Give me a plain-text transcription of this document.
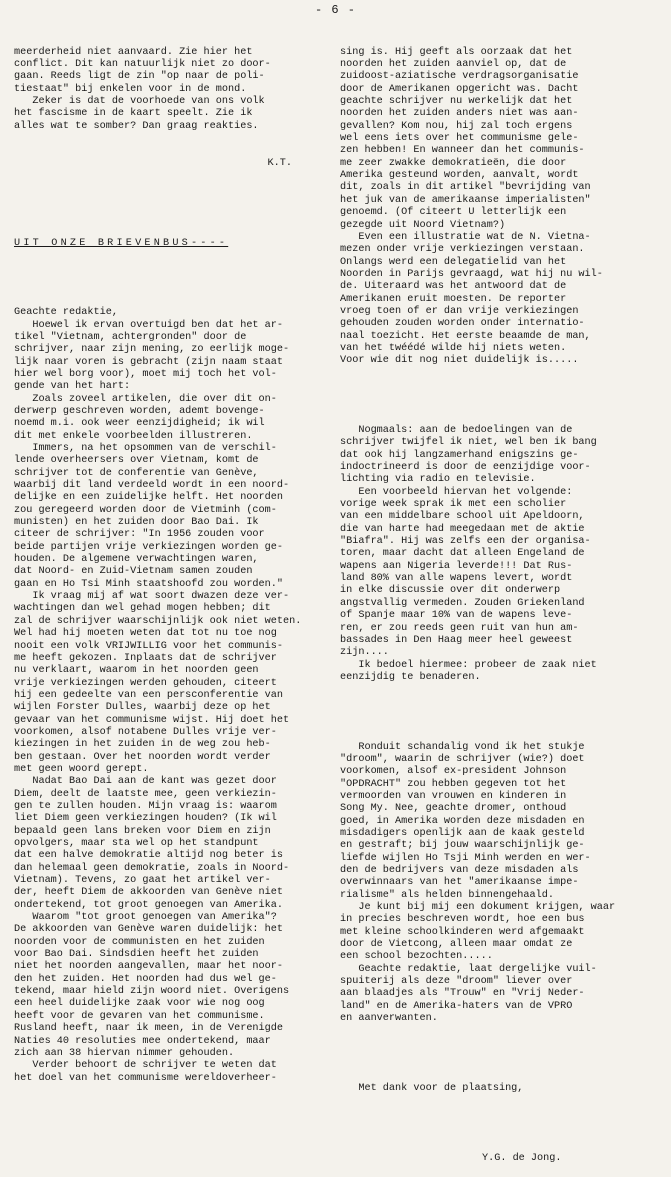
- 6 -

meerderheid niet aanvaard. Zie hier het
conflict. Dit kan natuurlijk niet zo door-
gaan. Reeds ligt de zin "op naar de poli-
tiestaat" bij enkelen voor in de mond.
Zeker is dat de voorhoede van ons volk
het fascisme in de kaart speelt. Zie ik
alles wat te somber? Dan graag reakties.

K.T.

UIT ONZE BRIEVENBUS----

Geachte redaktie,
Hoewel ik ervan overtuigd ben dat het ar-
tikel "Vietnam, achtergronden" door de
schrijver, naar zijn mening, zo eerlijk moge-
lijk naar voren is gebracht (zijn naam staat
hier wel borg voor), moet mij toch het vol-
gende van het hart:
Zoals zoveel artikelen, die over dit on-
derwerp geschreven worden, ademt bovenge-
noemd m.i. ook weer eenzijdigheid; ik wil
dit met enkele voorbeelden illustreren.
Immers, na het opsommen van de verschil-
lende overheersers over Vietnam, komt de
schrijver tot de conferentie van Genève,
waarbij dit land verdeeld wordt in een noord-
delijke en een zuidelijke helft. Het noorden
zou geregeerd worden door de Vietminh (com-
munisten) en het zuiden door Bao Dai. Ik
citeer de schrijver: "In 1956 zouden voor
beide partijen vrije verkiezingen worden ge-
houden. De algemene verwachtingen waren,
dat Noord- en Zuid-Vietnam samen zouden
gaan en Ho Tsi Minh staatshoofd zou worden."
Ik vraag mij af wat soort dwazen deze ver-
wachtingen dan wel gehad mogen hebben; dit
zal de schrijver waarschijnlijk ook niet weten.
Wel had hij moeten weten dat tot nu toe nog
nooit een volk VRIJWILLIG voor het communis-
me heeft gekozen. Inplaats dat de schrijver
nu verklaart, waarom in het noorden geen
vrije verkiezingen werden gehouden, citeert
hij een gedeelte van een persconferentie van
wijlen Forster Dulles, waarbij deze op het
gevaar van het communisme wijst. Hij doet het
voorkomen, alsof notabene Dulles vrije ver-
kiezingen in het zuiden in de weg zou heb-
ben gestaan. Over het noorden wordt verder
met geen woord gerept.
Nadat Bao Dai aan de kant was gezet door
Diem, deelt de laatste mee, geen verkiezin-
gen te zullen houden. Mijn vraag is: waarom
liet Diem geen verkiezingen houden? (Ik wil
bepaald geen lans breken voor Diem en zijn
opvolgers, maar sta wel op het standpunt
dat een halve demokratie altijd nog beter is
dan helemaal geen demokratie, zoals in Noord-
Vietnam). Tevens, zo gaat het artikel ver-
der, heeft Diem de akkoorden van Genève niet
ondertekend, tot groot genoegen van Amerika.
Waarom "tot groot genoegen van Amerika"?
De akkoorden van Genève waren duidelijk: het
noorden voor de communisten en het zuiden
voor Bao Dai. Sindsdien heeft het zuiden
niet het noorden aangevallen, maar het noor-
den het zuiden. Het noorden had dus wel ge-
tekend, maar hield zijn woord niet. Overigens
een heel duidelijke zaak voor wie nog oog
heeft voor de gevaren van het communisme.
Rusland heeft, naar ik meen, in de Verenigde
Naties 40 resoluties mee ondertekend, maar
zich aan 38 hiervan nimmer gehouden.
Verder behoort de schrijver te weten dat
het doel van het communisme wereldoverheer-

sing is. Hij geeft als oorzaak dat het
noorden het zuiden aanviel op, dat de
zuidoost-aziatische verdragsorganisatie
door de Amerikanen opgericht was. Dacht
geachte schrijver nu werkelijk dat het
noorden het zuiden anders niet was aan-
gevallen? Kom nou, hij zal toch ergens
wel eens iets over het communisme gele-
zen hebben! En wanneer dan het communis-
me zeer zwakke demokratieën, die door
Amerika gesteund worden, aanvalt, wordt
dit, zoals in dit artikel "bevrijding van
het juk van de amerikaanse imperialisten"
genoemd. (Of citeert U letterlijk een
gezegde uit Noord Vietnam?)
Even een illustratie wat de N. Vietna-
mezen onder vrije verkiezingen verstaan.
Onlangs werd een delegatielid van het
Noorden in Parijs gevraagd, wat hij nu wil-
de. Uiteraard was het antwoord dat de
Amerikanen eruit moesten. De reporter
vroeg toen of er dan vrije verkiezingen
gehouden zouden worden onder internatio-
naal toezicht. Het eerste beaamde de man,
van het twéédé wilde hij niets weten.
Voor wie dit nog niet duidelijk is.....

Nogmaals: aan de bedoelingen van de
schrijver twijfel ik niet, wel ben ik bang
dat ook hij langzamerhand enigszins ge-
indoctrineerd is door de eenzijdige voor-
lichting via radio en televisie.
Een voorbeeld hiervan het volgende:
vorige week sprak ik met een scholier
van een middelbare school uit Apeldoorn,
die van harte had meegedaan met de aktie
"Biafra". Hij was zelfs een der organisa-
toren, maar dacht dat alleen Engeland de
wapens aan Nigeria leverde!!! Dat Rus-
land 80% van alle wapens levert, wordt
in elke discussie over dit onderwerp
angstvallig vermeden. Zouden Griekenland
of Spanje maar 10% van de wapens leve-
ren, er zou reeds geen ruit van hun am-
bassades in Den Haag meer heel geweest
zijn....
Ik bedoel hiermee: probeer de zaak niet
eenzijdig te benaderen.

Ronduit schandalig vond ik het stukje
"droom", waarin de schrijver (wie?) doet
voorkomen, alsof ex-president Johnson
"OPDRACHT" zou hebben gegeven tot het
vermoorden van vrouwen en kinderen in
Song My. Nee, geachte dromer, onthoud
goed, in Amerika worden deze misdaden en
misdadigers openlijk aan de kaak gesteld
en gestraft; bij jouw waarschijnlijk ge-
liefde wijlen Ho Tsji Minh werden en wer-
den de bedrijvers van deze misdaden als
overwinnaars van het "amerikaanse impe-
rialisme" als helden binnengehaald.
Je kunt bij mij een dokument krijgen, waar
in precies beschreven wordt, hoe een bus
met kleine schoolkinderen werd afgemaakt
door de Vietcong, alleen maar omdat ze
een school bezochten.....
Geachte redaktie, laat dergelijke vuil-
spuiterij als deze "droom" liever over
aan blaadjes als "Trouw" en "Vrij Neder-
land" en de Amerika-haters van de VPRO
en aanverwanten.

Met dank voor de plaatsing,

Y.G. de Jong.
